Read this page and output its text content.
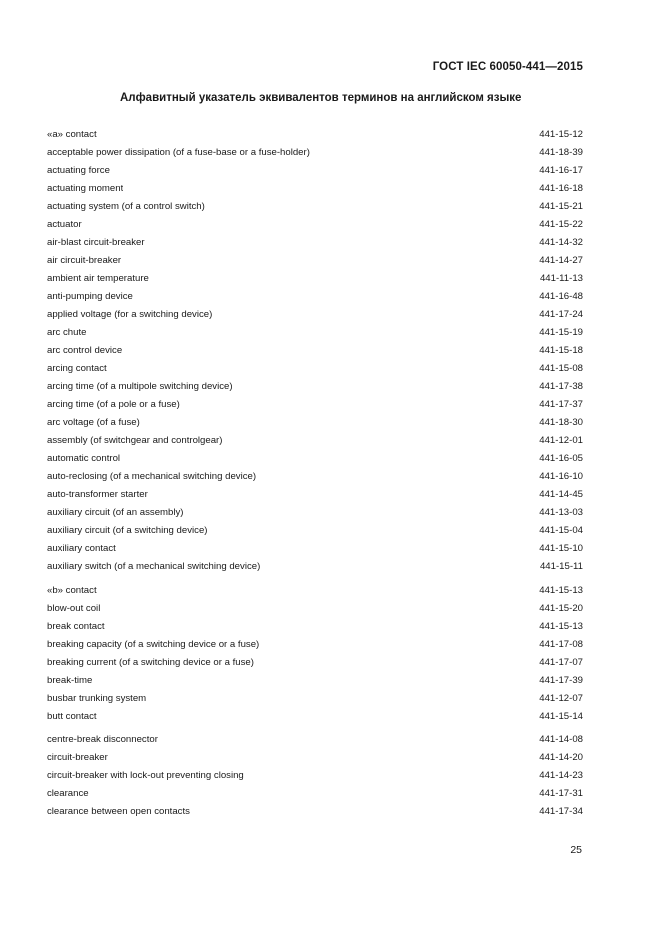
ГОСТ IEC 60050-441—2015
Алфавитный указатель эквивалентов терминов на английском языке
«a» contact	441-15-12
acceptable power dissipation (of a fuse-base or a fuse-holder)	441-18-39
actuating force	441-16-17
actuating moment	441-16-18
actuating system (of a control switch)	441-15-21
actuator	441-15-22
air-blast circuit-breaker	441-14-32
air circuit-breaker	441-14-27
ambient air temperature	441-11-13
anti-pumping device	441-16-48
applied voltage (for a switching device)	441-17-24
arc chute	441-15-19
arc control device	441-15-18
arcing contact	441-15-08
arcing time (of a multipole switching device)	441-17-38
arcing time (of a pole or a fuse)	441-17-37
arc voltage (of a fuse)	441-18-30
assembly (of switchgear and controlgear)	441-12-01
automatic control	441-16-05
auto-reclosing (of a mechanical switching device)	441-16-10
auto-transformer starter	441-14-45
auxiliary circuit (of an assembly)	441-13-03
auxiliary circuit (of a switching device)	441-15-04
auxiliary contact	441-15-10
auxiliary switch (of a mechanical switching device)	441-15-11
«b» contact	441-15-13
blow-out coil	441-15-20
break contact	441-15-13
breaking capacity (of a switching device or a fuse)	441-17-08
breaking current (of a switching device or a fuse)	441-17-07
break-time	441-17-39
busbar trunking system	441-12-07
butt contact	441-15-14
centre-break disconnector	441-14-08
circuit-breaker	441-14-20
circuit-breaker with lock-out preventing closing	441-14-23
clearance	441-17-31
clearance between open contacts	441-17-34
25
